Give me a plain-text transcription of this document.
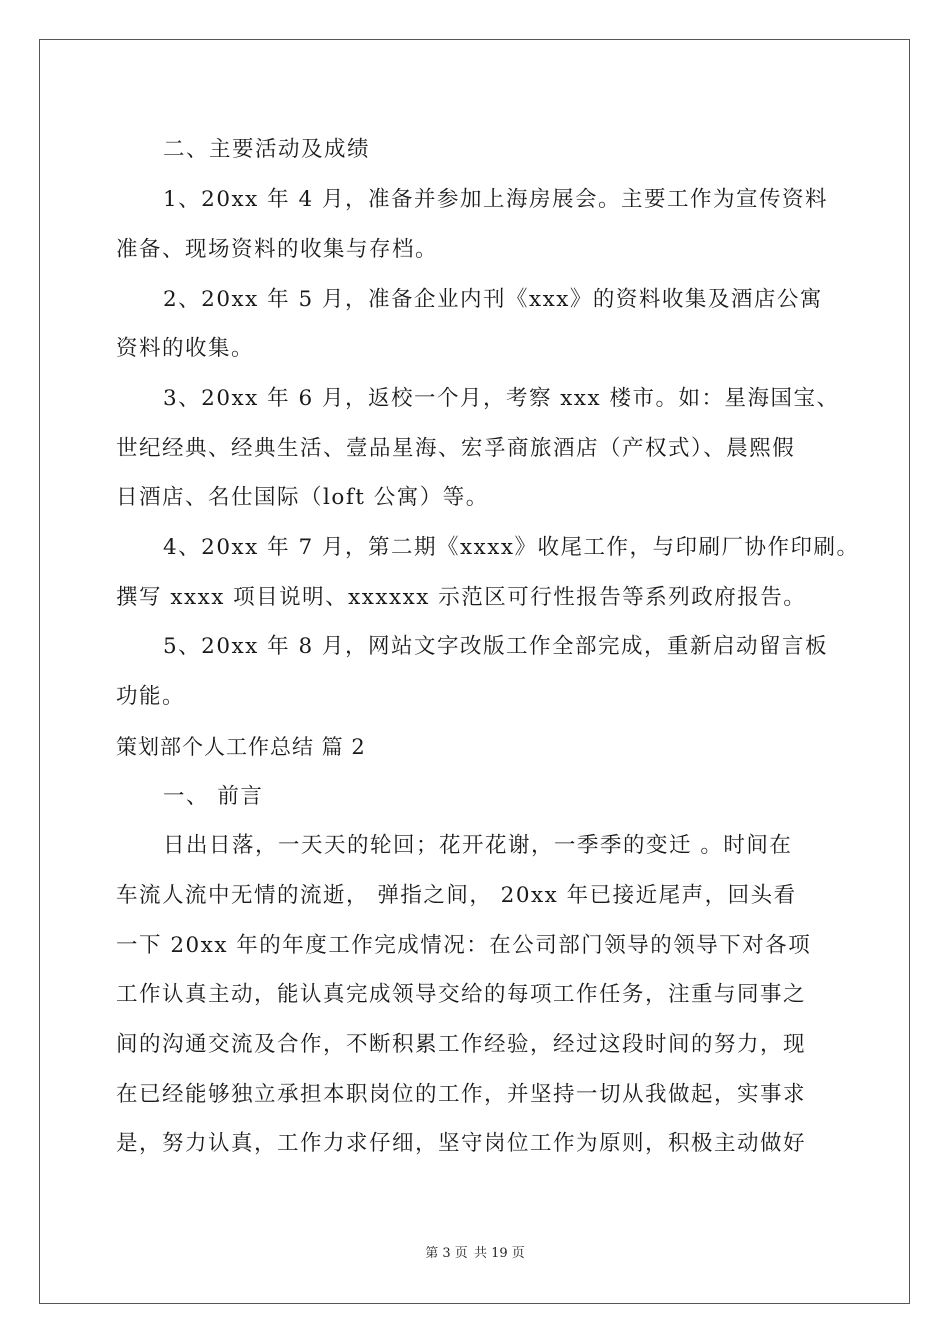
二、主要活动及成绩
1、20xx 年 4 月，准备并参加上海房展会。主要工作为宣传资料
准备、现场资料的收集与存档。
2、20xx 年 5 月，准备企业内刊《xxx》的资料收集及酒店公寓
资料的收集。
3、20xx 年 6 月，返校一个月，考察 xxx 楼市。如：星海国宝、
世纪经典、经典生活、壹品星海、宏孚商旅酒店（产权式）、晨熙假
日酒店、名仕国际（loft 公寓）等。
4、20xx 年 7 月，第二期《xxxx》收尾工作，与印刷厂协作印刷。
撰写 xxxx 项目说明、xxxxxx 示范区可行性报告等系列政府报告。
5、20xx 年 8 月，网站文字改版工作全部完成，重新启动留言板
功能。
策划部个人工作总结 篇 2
一、 前言
日出日落，一天天的轮回；花开花谢，一季季的变迁 。时间在
车流人流中无情的流逝， 弹指之间， 20xx 年已接近尾声，回头看
一下 20xx 年的年度工作完成情况：在公司部门领导的领导下对各项
工作认真主动，能认真完成领导交给的每项工作任务，注重与同事之
间的沟通交流及合作，不断积累工作经验，经过这段时间的努力，现
在已经能够独立承担本职岗位的工作，并坚持一切从我做起，实事求
是，努力认真，工作力求仔细，坚守岗位工作为原则，积极主动做好
第 3 页 共 19 页
